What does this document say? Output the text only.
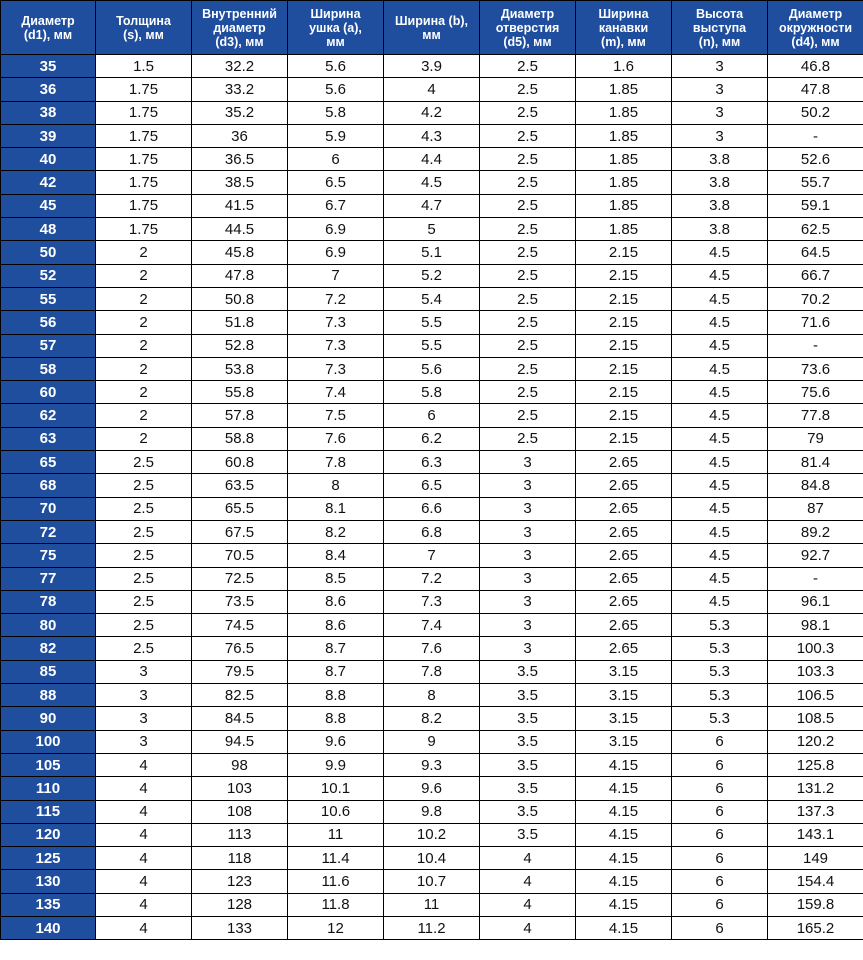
Диаметр
(d1), мм	Толщина
(s), мм	Внутренний
диаметр
(d3), мм	Ширина
ушка (a),
мм	Ширина (b),
мм	Диаметр
отверстия
(d5), мм	Ширина
канавки
(m), мм	Высота
выступа
(n), мм	Диаметр
окружности
(d4), мм
35	1.5	32.2	5.6	3.9	2.5	1.6	3	46.8
36	1.75	33.2	5.6	4	2.5	1.85	3	47.8
38	1.75	35.2	5.8	4.2	2.5	1.85	3	50.2
39	1.75	36	5.9	4.3	2.5	1.85	3	-
40	1.75	36.5	6	4.4	2.5	1.85	3.8	52.6
42	1.75	38.5	6.5	4.5	2.5	1.85	3.8	55.7
45	1.75	41.5	6.7	4.7	2.5	1.85	3.8	59.1
48	1.75	44.5	6.9	5	2.5	1.85	3.8	62.5
50	2	45.8	6.9	5.1	2.5	2.15	4.5	64.5
52	2	47.8	7	5.2	2.5	2.15	4.5	66.7
55	2	50.8	7.2	5.4	2.5	2.15	4.5	70.2
56	2	51.8	7.3	5.5	2.5	2.15	4.5	71.6
57	2	52.8	7.3	5.5	2.5	2.15	4.5	-
58	2	53.8	7.3	5.6	2.5	2.15	4.5	73.6
60	2	55.8	7.4	5.8	2.5	2.15	4.5	75.6
62	2	57.8	7.5	6	2.5	2.15	4.5	77.8
63	2	58.8	7.6	6.2	2.5	2.15	4.5	79
65	2.5	60.8	7.8	6.3	3	2.65	4.5	81.4
68	2.5	63.5	8	6.5	3	2.65	4.5	84.8
70	2.5	65.5	8.1	6.6	3	2.65	4.5	87
72	2.5	67.5	8.2	6.8	3	2.65	4.5	89.2
75	2.5	70.5	8.4	7	3	2.65	4.5	92.7
77	2.5	72.5	8.5	7.2	3	2.65	4.5	-
78	2.5	73.5	8.6	7.3	3	2.65	4.5	96.1
80	2.5	74.5	8.6	7.4	3	2.65	5.3	98.1
82	2.5	76.5	8.7	7.6	3	2.65	5.3	100.3
85	3	79.5	8.7	7.8	3.5	3.15	5.3	103.3
88	3	82.5	8.8	8	3.5	3.15	5.3	106.5
90	3	84.5	8.8	8.2	3.5	3.15	5.3	108.5
100	3	94.5	9.6	9	3.5	3.15	6	120.2
105	4	98	9.9	9.3	3.5	4.15	6	125.8
110	4	103	10.1	9.6	3.5	4.15	6	131.2
115	4	108	10.6	9.8	3.5	4.15	6	137.3
120	4	113	11	10.2	3.5	4.15	6	143.1
125	4	118	11.4	10.4	4	4.15	6	149
130	4	123	11.6	10.7	4	4.15	6	154.4
135	4	128	11.8	11	4	4.15	6	159.8
140	4	133	12	11.2	4	4.15	6	165.2
